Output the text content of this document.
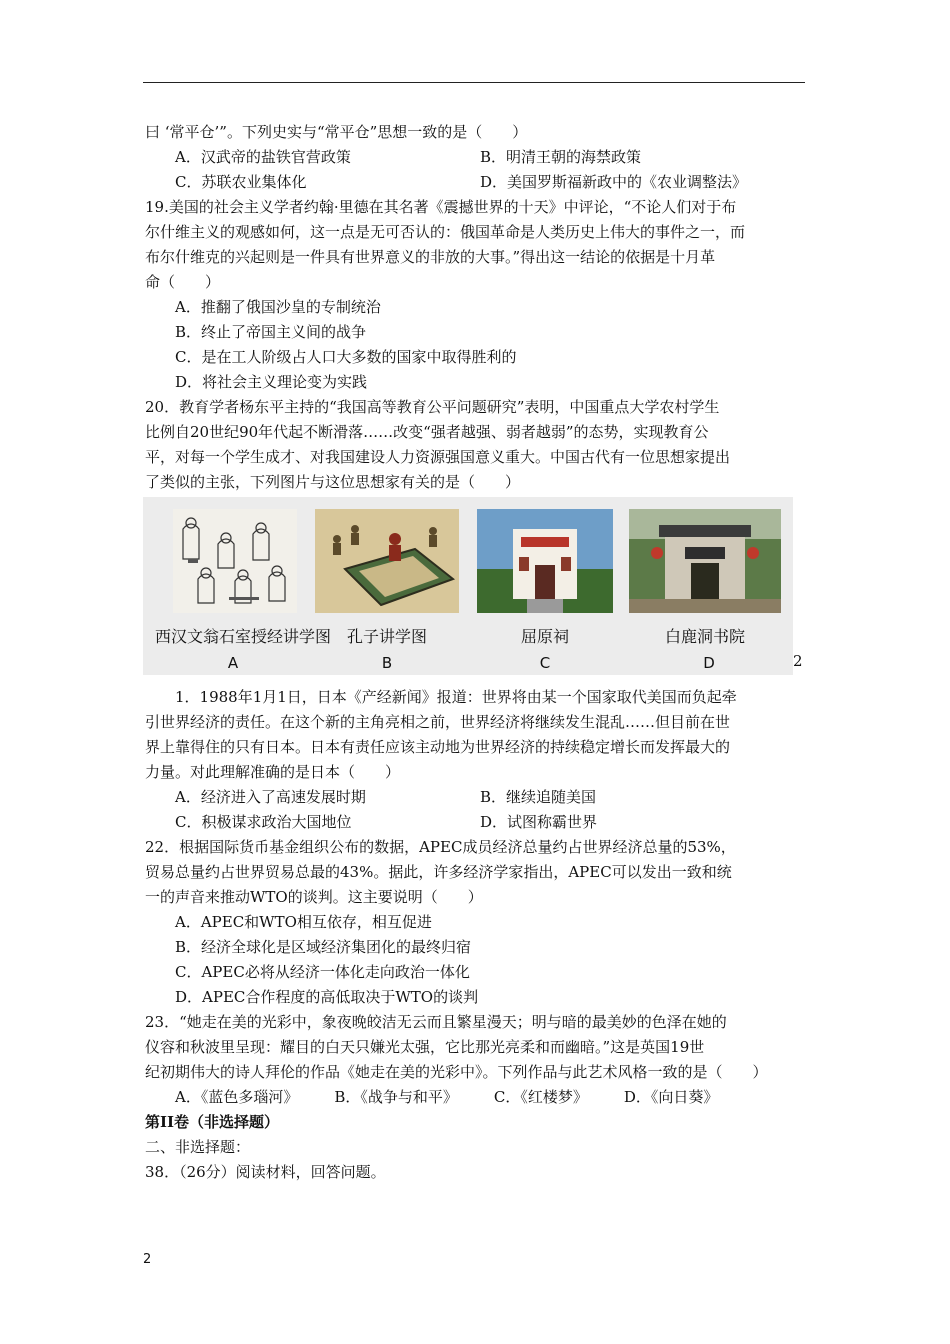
曰 ‘常平仓’”。下列史实与“常平仓”思想一致的是（　　）
A．汉武帝的盐铁官营政策	B．明清王朝的海禁政策
C．苏联农业集体化	D．美国罗斯福新政中的《农业调整法》
19.美国的社会主义学者约翰·里德在其名著《震撼世界的十天》中评论，“不论人们对于布
尔什维主义的观感如何，这一点是无可否认的：俄国革命是人类历史上伟大的事件之一，而
布尔什维克的兴起则是一件具有世界意义的非放的大事。”得出这一结论的依据是十月革
命（　　）
A．推翻了俄国沙皇的专制统治
B．终止了帝国主义间的战争
C．是在工人阶级占人口大多数的国家中取得胜利的
D．将社会主义理论变为实践
20．教育学者杨东平主持的“我国高等教育公平问题研究”表明，中国重点大学农村学生
比例自20世纪90年代起不断滑落……改变“强者越强、弱者越弱”的态势，实现教育公
平，对每一个学生成才、对我国建设人力资源强国意义重大。中国古代有一位思想家提出
了类似的主张，下列图片与这位思想家有关的是（　　）
西汉文翁石室授经讲学图 孔子讲学图	屈原祠	白鹿洞书院
A	B	C	D	2
1．1988年1月1日，日本《产经新闻》报道：世界将由某一个国家取代美国而负起牵
引世界经济的责任。在这个新的主角亮相之前，世界经济将继续发生混乱……但目前在世
界上靠得住的只有日本。日本有责任应该主动地为世界经济的持续稳定增长而发挥最大的
力量。对此理解准确的是日本（　　）
A．经济进入了高速发展时期	B．继续追随美国
C．积极谋求政治大国地位	D．试图称霸世界
22．根据国际货币基金组织公布的数据，APEC成员经济总量约占世界经济总量的53%，
贸易总量约占世界贸易总最的43%。据此，许多经济学家指出，APEC可以发出一致和统
一的声音来推动WTO的谈判。这主要说明（　　）
A．APEC和WTO相互依存，相互促进
B．经济全球化是区域经济集团化的最终归宿
C．APEC必将从经济一体化走向政治一体化
D．APEC合作程度的高低取决于WTO的谈判
23．“她走在美的光彩中，象夜晚皎洁无云而且繁星漫天；明与暗的最美妙的色泽在她的
仪容和秋波里呈现：耀目的白天只嫌光太强，它比那光亮柔和而幽暗。”这是英国19世
纪初期伟大的诗人拜伦的作品《她走在美的光彩中》。下列作品与此艺术风格一致的是（　　）
A．《蓝色多瑙河》 B．《战争与和平》 C．《红楼梦》 D．《向日葵》
第II卷（非选择题）
二、非选择题：
38．（26分）阅读材料，回答问题。
2
